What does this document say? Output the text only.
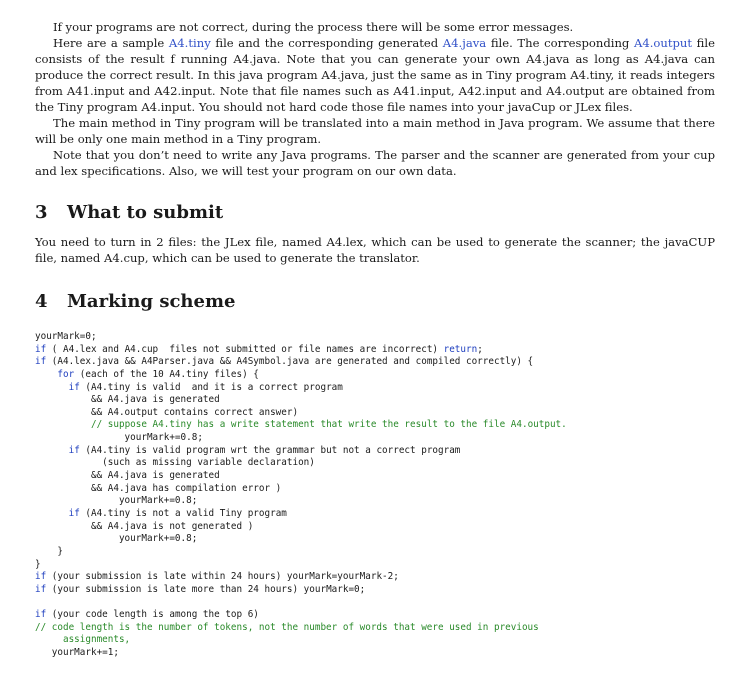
If your programs are not correct, during the process there will be some error messages.

Here are a sample A4.tiny file and the corresponding generated A4.java file. The corresponding A4.output file consists of the result f running A4.java. Note that you can generate your own A4.java as long as A4.java can produce the correct result. In this java program A4.java, just the same as in Tiny program A4.tiny, it reads integers from A41.input and A42.input. Note that file names such as A41.input, A42.input and A4.output are obtained from the Tiny program A4.input. You should not hard code those file names into your javaCup or JLex files.

The main method in Tiny program will be translated into a main method in Java program. We assume that there will be only one main method in a Tiny program.

Note that you don’t need to write any Java programs. The parser and the scanner are generated from your cup and lex specifications. Also, we will test your program on our own data.

3 What to submit

You need to turn in 2 files: the JLex file, named A4.lex, which can be used to generate the scanner; the javaCUP file, named A4.cup, which can be used to generate the translator.

4 Marking scheme
yourMark=0;
if ( A4.lex and A4.cup  files not submitted or file names are incorrect) return;
if (A4.lex.java && A4Parser.java && A4Symbol.java are generated and compiled correctly) {
for (each of the 10 A4.tiny files) {
if (A4.tiny is valid  and it is a correct program
&& A4.java is generated
&& A4.output contains correct answer)
// suppose A4.tiny has a write statement that write the result to the file A4.output.
yourMark+=0.8;
if (A4.tiny is valid program wrt the grammar but not a correct program
(such as missing variable declaration)
&& A4.java is generated
&& A4.java has compilation error )
yourMark+=0.8;
if (A4.tiny is not a valid Tiny program
&& A4.java is not generated )
yourMark+=0.8;
}
}
if (your submission is late within 24 hours) yourMark=yourMark-2;
if (your submission is late more than 24 hours) yourMark=0;
if (your code length is among the top 6)
// code length is the number of tokens, not the number of words that were used in previous
assignments,
yourMark+=1;
